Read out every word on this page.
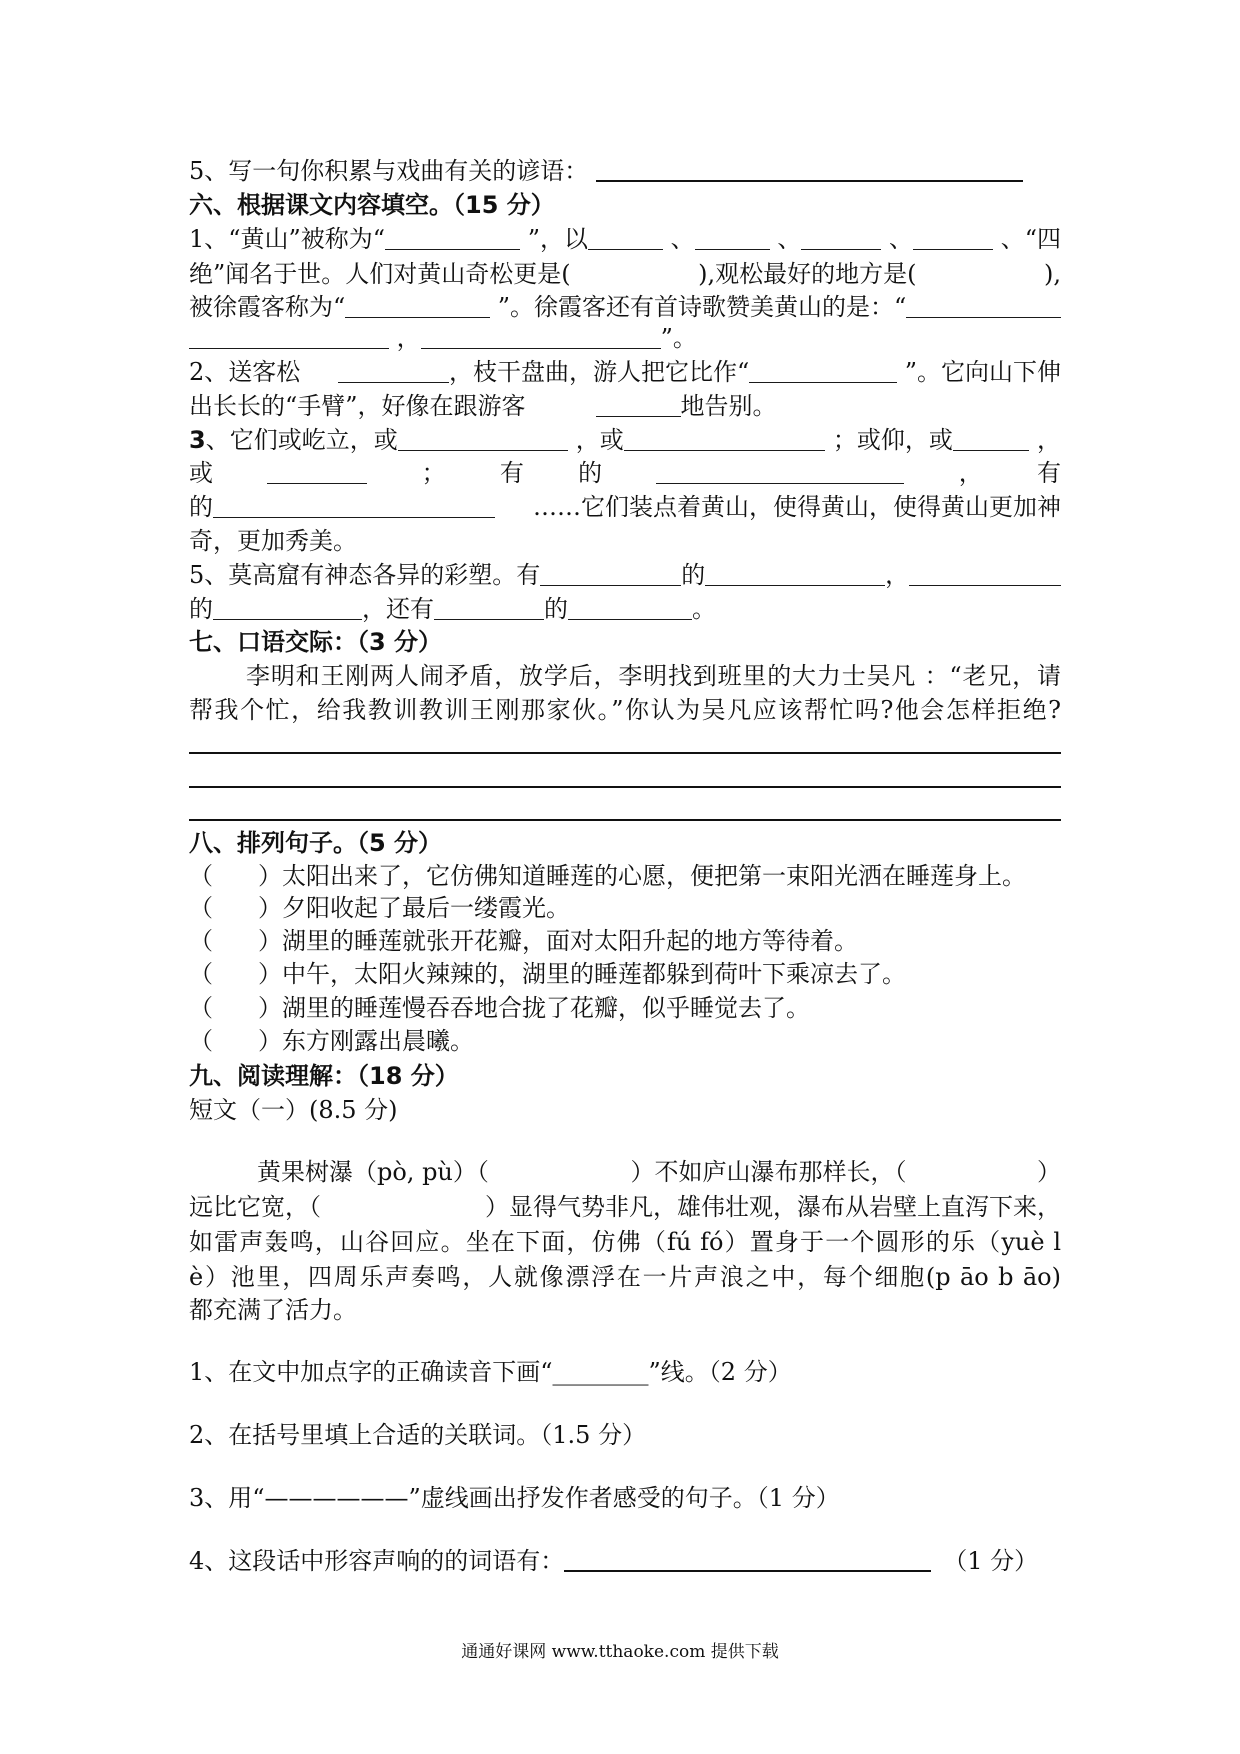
5、写一句你积累与戏曲有关的谚语：
六、根据课文内容填空。（15 分）
1、“黄山”被称为“	”，以	、	、	、	、“四
绝”闻名于世。人们对黄山奇松更是(	),观松最好的地方是(	),
被徐霞客称为“	”。徐霞客还有首诗歌赞美黄山的是：“
，	”。
2、送客松	，枝干盘曲，游人把它比作“	”。它向山下伸
出长长的“手臂”，好像在跟游客	地告别。
3 、它们或屹立，或	，或	；或仰，或	，
或	； 有 的	， 有
的	……它们装点着黄山，使得黄山，使得黄山更加神
奇，更加秀美。
5、莫高窟有神态各异的彩塑。有	的	，
的	，还有	的	。
七、口语交际：（3 分）
李明和王刚两人闹矛盾，放学后，李明找到班里的大力士吴凡 ：“老兄，请
帮我个忙，给我教训教训王刚那家伙。”你认为吴凡应该帮忙吗?他会怎样拒绝?
八、排列句子。（5 分）
（ ） 太阳出来了，它仿佛知道睡莲的心愿，便把第一束阳光洒在睡莲身上。
（ ） 夕阳收起了最后一缕霞光。
（ ） 湖里的睡莲就张开花瓣，面对太阳升起的地方等待着。
（ ） 中午，太阳火辣辣的，湖里的睡莲都躲到荷叶下乘凉去了。
（ ） 湖里的睡莲慢吞吞地合拢了花瓣，似乎睡觉去了。
（ ） 东方刚露出晨曦。
九、阅读理解：（18 分）
短文（一）(8.5 分)
黄果树瀑（pò, pù）（	）不如庐山瀑布那样长，（	）
远比它宽，（	）显得气势非凡，雄伟壮观，瀑布从岩壁上直泻下来，
如雷声轰鸣，山谷回应。坐在下面，仿佛（fú fó）置身于一个圆形的乐（yuè l
è）池里，四周乐声奏鸣，人就像漂浮在一片声浪之中，每个细胞(p āo b āo)
都充满了活力。
1、在文中加点字的正确读音下画“________”线。（2 分）
2、在括号里填上合适的关联词。（1.5 分）
3、用“——————”虚线画出抒发作者感受的句子。（1 分）
4、这段话中形容声响的的词语有：	（1 分）
通通好课网 www.tthaoke.com 提供下载
